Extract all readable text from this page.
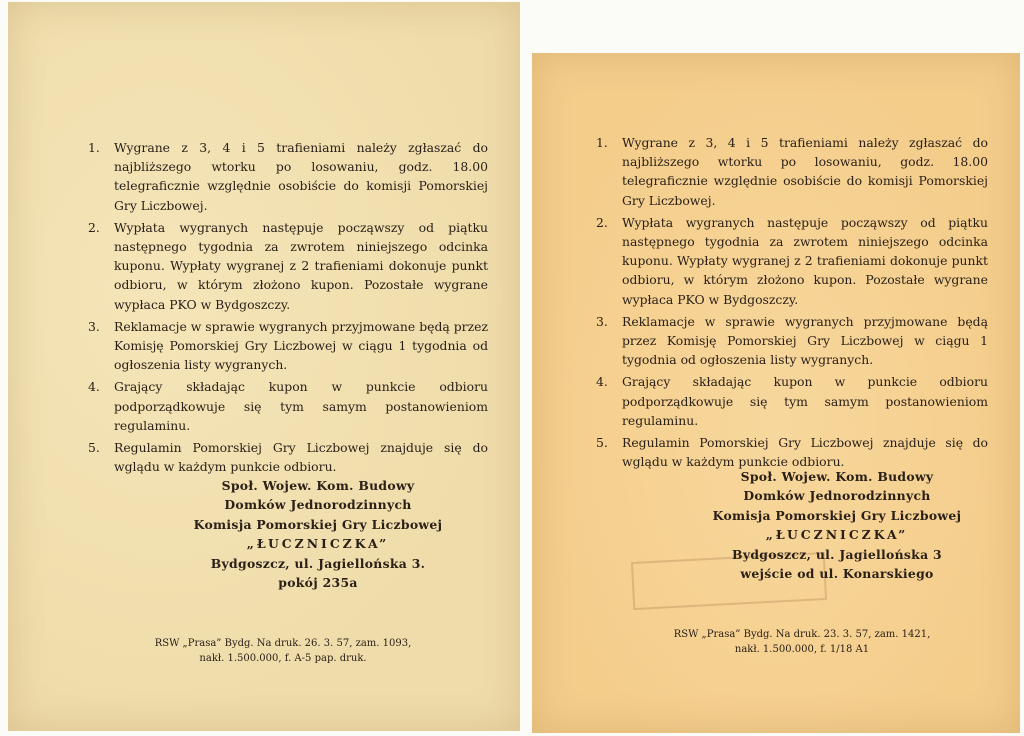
1. Wygrane z 3, 4 i 5 trafieniami należy zgłaszać do najbliższego wtorku po losowaniu, godz. 18.00 telegraficznie względnie osobiście do komisji Pomorskiej Gry Liczbowej.
2. Wypłata wygranych następuje począwszy od piątku następnego tygodnia za zwrotem niniejszego odcinka kuponu. Wypłaty wygranej z 2 trafieniami dokonuje punkt odbioru, w którym złożono kupon. Pozostałe wygrane wypłaca PKO w Bydgoszczy.
3. Reklamacje w sprawie wygranych przyjmowane będą przez Komisję Pomorskiej Gry Liczbowej w ciągu 1 tygodnia od ogłoszenia listy wygranych.
4. Grający składając kupon w punkcie odbioru podporządkowuje się tym samym postanowieniom regulaminu.
5. Regulamin Pomorskiej Gry Liczbowej znajduje się do wglądu w każdym punkcie odbioru.
Społ. Wojew. Kom. Budowy
Domków Jednorodzinnych
Komisja Pomorskiej Gry Liczbowej
„ŁUCZNICZKA”
Bydgoszcz, ul. Jagiellońska 3.
pokój 235a
RSW „Prasa” Bydg. Na druk. 26. 3. 57, zam. 1093,
nakł. 1.500.000, f. A-5 pap. druk.
1. Wygrane z 3, 4 i 5 trafieniami należy zgłaszać do najbliższego wtorku po losowaniu, godz. 18.00 telegraficznie względnie osobiście do komisji Pomorskiej Gry Liczbowej.
2. Wypłata wygranych następuje począwszy od piątku następnego tygodnia za zwrotem niniejszego odcinka kuponu. Wypłaty wygranej z 2 trafieniami dokonuje punkt odbioru, w którym złożono kupon. Pozostałe wygrane wypłaca PKO w Bydgoszczy.
3. Reklamacje w sprawie wygranych przyjmowane będą przez Komisję Pomorskiej Gry Liczbowej w ciągu 1 tygodnia od ogłoszenia listy wygranych.
4. Grający składając kupon w punkcie odbioru podporządkowuje się tym samym postanowieniom regulaminu.
5. Regulamin Pomorskiej Gry Liczbowej znajduje się do wglądu w każdym punkcie odbioru.
Społ. Wojew. Kom. Budowy
Domków Jednorodzinnych
Komisja Pomorskiej Gry Liczbowej
„ŁUCZNICZKA”
Bydgoszcz, ul. Jagiellońska 3
wejście od ul. Konarskiego
RSW „Prasa” Bydg. Na druk. 23. 3. 57, zam. 1421,
nakł. 1.500.000, f. 1/18 A1
